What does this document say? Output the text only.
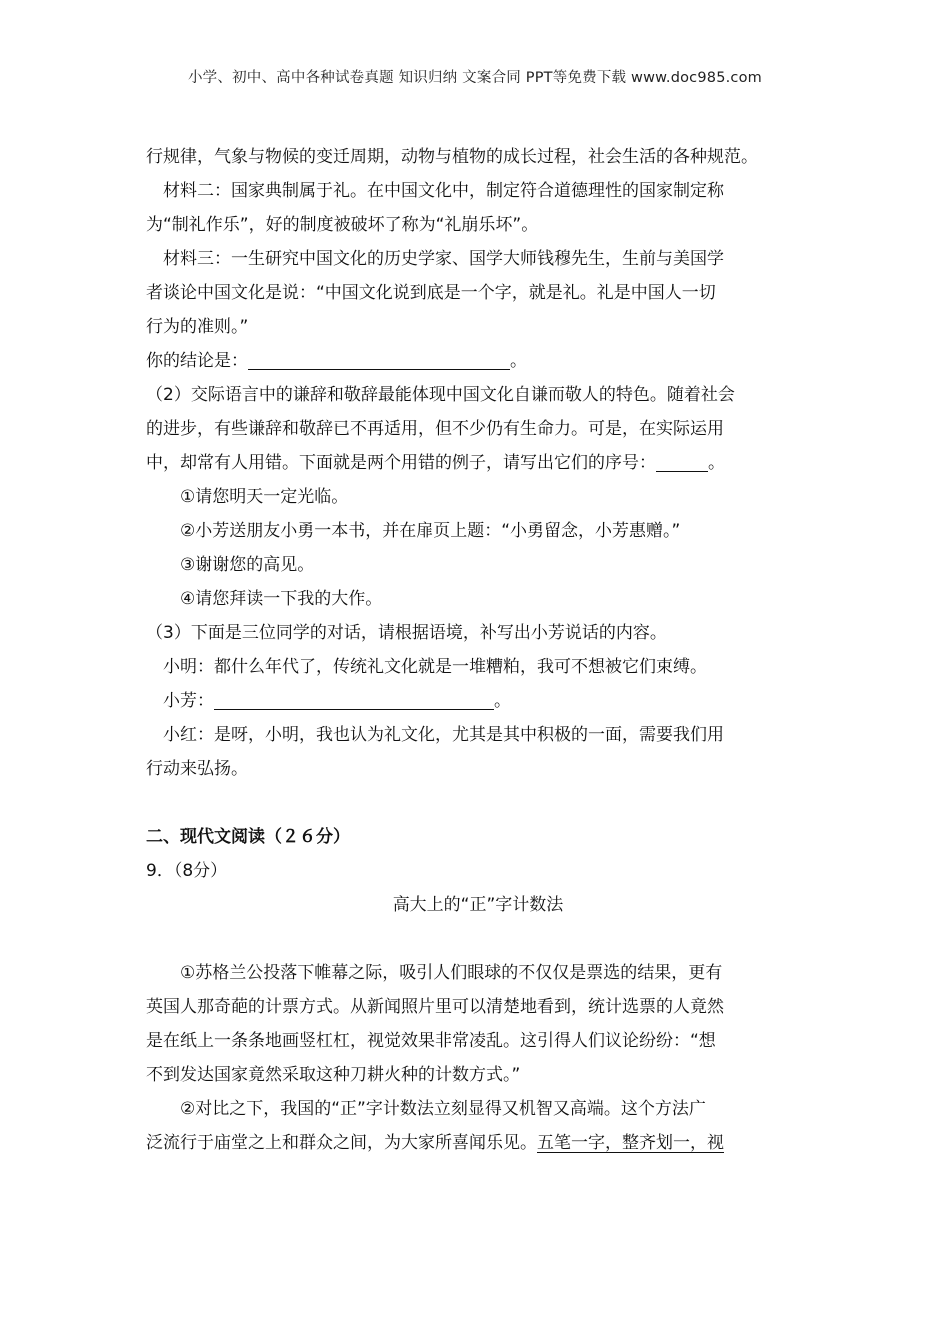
小学、初中、高中各种试卷真题 知识归纳 文案合同 PPT等免费下载 www.doc985.com

行规律，气象与物候的变迁周期，动物与植物的成长过程，社会生活的各种规范。

材料二：国家典制属于礼。在中国文化中，制定符合道德理性的国家制定称

为“制礼作乐”，好的制度被破坏了称为“礼崩乐坏”。

材料三：一生研究中国文化的历史学家、国学大师钱穆先生，生前与美国学

者谈论中国文化是说：“中国文化说到底是一个字，就是礼。礼是中国人一切

行为的准则。”

你的结论是：	。

（2）交际语言中的谦辞和敬辞最能体现中国文化自谦而敬人的特色。随着社会

的进步，有些谦辞和敬辞已不再适用，但不少仍有生命力。可是，在实际运用

中，却常有人用错。下面就是两个用错的例子，请写出它们的序号：	。

①请您明天一定光临。

②小芳送朋友小勇一本书，并在扉页上题：“小勇留念，小芳惠赠。”

③谢谢您的高见。

④请您拜读一下我的大作。

（3）下面是三位同学的对话，请根据语境，补写出小芳说话的内容。

小明：都什么年代了，传统礼文化就是一堆糟粕，我可不想被它们束缚。

小芳：	。

小红：是呀，小明，我也认为礼文化，尤其是其中积极的一面，需要我们用

行动来弘扬。

二、现代文阅读（２６分）

9．（8分）

高大上的“正”字计数法

①苏格兰公投落下帷幕之际，吸引人们眼球的不仅仅是票选的结果，更有

英国人那奇葩的计票方式。从新闻照片里可以清楚地看到，统计选票的人竟然

是在纸上一条条地画竖杠杠，视觉效果非常凌乱。这引得人们议论纷纷：“想

不到发达国家竟然采取这种刀耕火种的计数方式。”

②对比之下，我国的“正”字计数法立刻显得又机智又高端。这个方法广

泛流行于庙堂之上和群众之间，为大家所喜闻乐见。五笔一字，整齐划一，视
